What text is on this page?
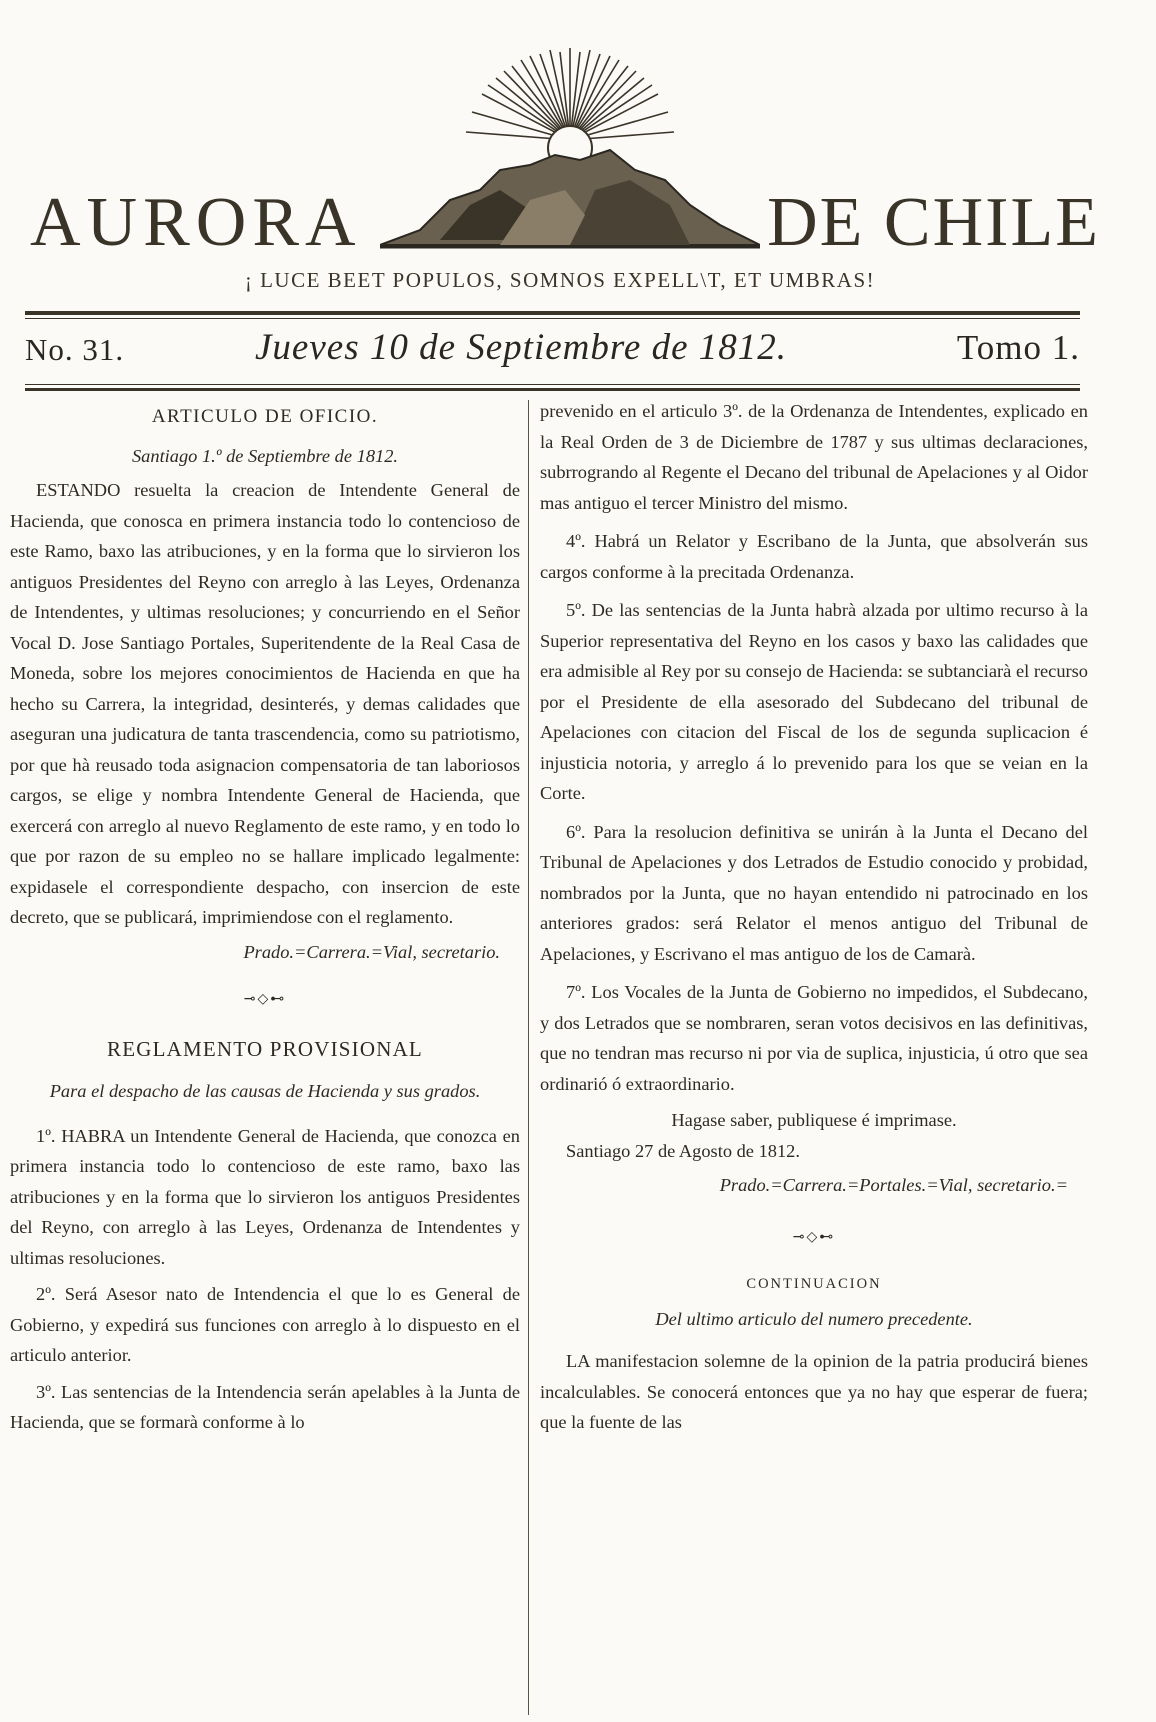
AURORA	DE CHILE
¡ LUCE BEET POPULOS, SOMNOS EXPELL\T, ET UMBRAS!
No. 31.	Jueves 10 de Septiembre de 1812.	Tomo 1.

ARTICULO DE OFICIO.

Santiago 1.º de Septiembre de 1812.

ESTANDO resuelta la creacion de Intendente General de Hacienda, que conosca en primera instancia todo lo contencioso de este Ramo, baxo las atribuciones, y en la forma que lo sirvieron los antiguos Presidentes del Reyno con arreglo à las Leyes, Ordenanza de Intendentes, y ultimas resoluciones; y concurriendo en el Señor Vocal D. Jose Santiago Portales, Superitendente de la Real Casa de Moneda, sobre los mejores conocimientos de Hacienda en que ha hecho su Carrera, la integridad, desinterés, y demas calidades que aseguran una judicatura de tanta trascendencia, como su patriotismo, por que hà reusado toda asignacion compensatoria de tan laboriosos cargos, se elige y nombra Intendente General de Hacienda, que exercerá con arreglo al nuevo Reglamento de este ramo, y en todo lo que por razon de su empleo no se hallare implicado legalmente: expidasele el correspondiente despacho, con insercion de este decreto, que se publicará, imprimiendose con el reglamento.

Prado.=Carrera.=Vial, secretario.

⊸◇⊷

REGLAMENTO PROVISIONAL

Para el despacho de las causas de Hacienda y sus grados.

1º. HABRA un Intendente General de Hacienda, que conozca en primera instancia todo lo contencioso de este ramo, baxo las atribuciones y en la forma que lo sirvieron los antiguos Presidentes del Reyno, con arreglo à las Leyes, Ordenanza de Intendentes y ultimas resoluciones.

2º. Será Asesor nato de Intendencia el que lo es General de Gobierno, y expedirá sus funciones con arreglo à lo dispuesto en el articulo anterior.

3º. Las sentencias de la Intendencia serán apelables à la Junta de Hacienda, que se formarà conforme à lo

prevenido en el articulo 3º. de la Ordenanza de Intendentes, explicado en la Real Orden de 3 de Diciembre de 1787 y sus ultimas declaraciones, subrrogrando al Regente el Decano del tribunal de Apelaciones y al Oidor mas antiguo el tercer Ministro del mismo.

4º. Habrá un Relator y Escribano de la Junta, que absolverán sus cargos conforme à la precitada Ordenanza.

5º. De las sentencias de la Junta habrà alzada por ultimo recurso à la Superior representativa del Reyno en los casos y baxo las calidades que era admisible al Rey por su consejo de Hacienda: se subtanciarà el recurso por el Presidente de ella asesorado del Subdecano del tribunal de Apelaciones con citacion del Fiscal de los de segunda suplicacion é injusticia notoria, y arreglo á lo prevenido para los que se veian en la Corte.

6º. Para la resolucion definitiva se unirán à la Junta el Decano del Tribunal de Apelaciones y dos Letrados de Estudio conocido y probidad, nombrados por la Junta, que no hayan entendido ni patrocinado en los anteriores grados: será Relator el menos antiguo del Tribunal de Apelaciones, y Escrivano el mas antiguo de los de Camarà.

7º. Los Vocales de la Junta de Gobierno no impedidos, el Subdecano, y dos Letrados que se nombraren, seran votos decisivos en las definitivas, que no tendran mas recurso ni por via de suplica, injusticia, ú otro que sea ordinarió ó extraordinario.

Hagase saber, publiquese é imprimase.

Santiago 27 de Agosto de 1812.

Prado.=Carrera.=Portales.=Vial, secretario.=

⊸◇⊷

CONTINUACION

Del ultimo articulo del numero precedente.

LA manifestacion solemne de la opinion de la patria producirá bienes incalculables. Se conocerá entonces que ya no hay que esperar de fuera; que la fuente de las
